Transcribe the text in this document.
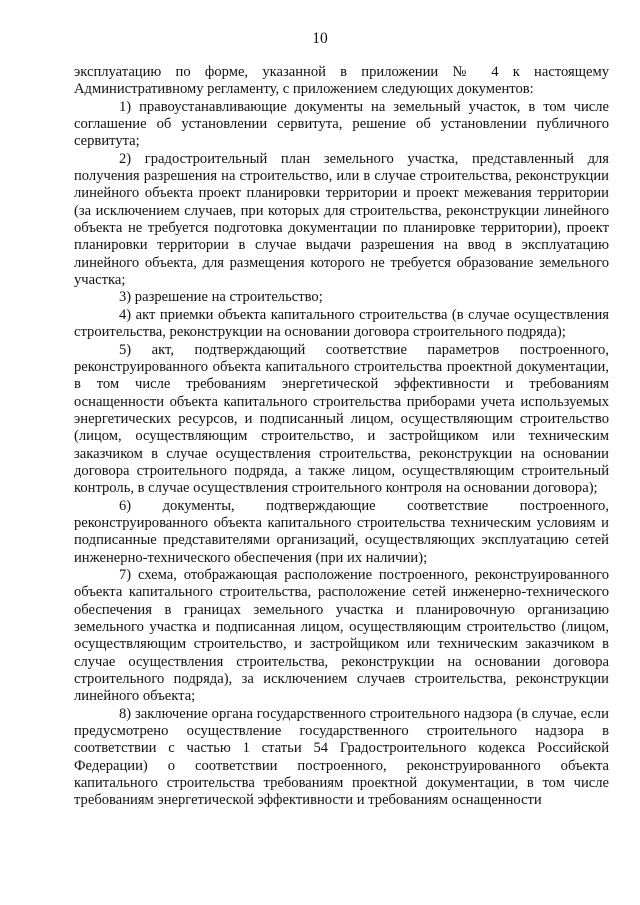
10

эксплуатацию по форме, указанной в приложении № 4 к настоящему Административному регламенту, с приложением следующих документов:

1) правоустанавливающие документы на земельный участок, в том числе соглашение об установлении сервитута, решение об установлении публичного сервитута;

2) градостроительный план земельного участка, представленный для получения разрешения на строительство, или в случае строительства, реконструкции линейного объекта проект планировки территории и проект межевания территории (за исключением случаев, при которых для строительства, реконструкции линейного объекта не требуется подготовка документации по планировке территории), проект планировки территории в случае выдачи разрешения на ввод в эксплуатацию линейного объекта, для размещения которого не требуется образование земельного участка;

3) разрешение на строительство;

4) акт приемки объекта капитального строительства (в случае осуществления строительства, реконструкции на основании договора строительного подряда);

5) акт, подтверждающий соответствие параметров построенного, реконструированного объекта капитального строительства проектной документации, в том числе требованиям энергетической эффективности и требованиям оснащенности объекта капитального строительства приборами учета используемых энергетических ресурсов, и подписанный лицом, осуществляющим строительство (лицом, осуществляющим строительство, и застройщиком или техническим заказчиком в случае осуществления строительства, реконструкции на основании договора строительного подряда, а также лицом, осуществляющим строительный контроль, в случае осуществления строительного контроля на основании договора);

6) документы, подтверждающие соответствие построенного, реконструированного объекта капитального строительства техническим условиям и подписанные представителями организаций, осуществляющих эксплуатацию сетей инженерно-технического обеспечения (при их наличии);

7) схема, отображающая расположение построенного, реконструированного объекта капитального строительства, расположение сетей инженерно-технического обеспечения в границах земельного участка и планировочную организацию земельного участка и подписанная лицом, осуществляющим строительство (лицом, осуществляющим строительство, и застройщиком или техническим заказчиком в случае осуществления строительства, реконструкции на основании договора строительного подряда), за исключением случаев строительства, реконструкции линейного объекта;

8) заключение органа государственного строительного надзора (в случае, если предусмотрено осуществление государственного строительного надзора в соответствии с частью 1 статьи 54 Градостроительного кодекса Российской Федерации) о соответствии построенного, реконструированного объекта капитального строительства требованиям проектной документации, в том числе требованиям энергетической эффективности и требованиям оснащенности
